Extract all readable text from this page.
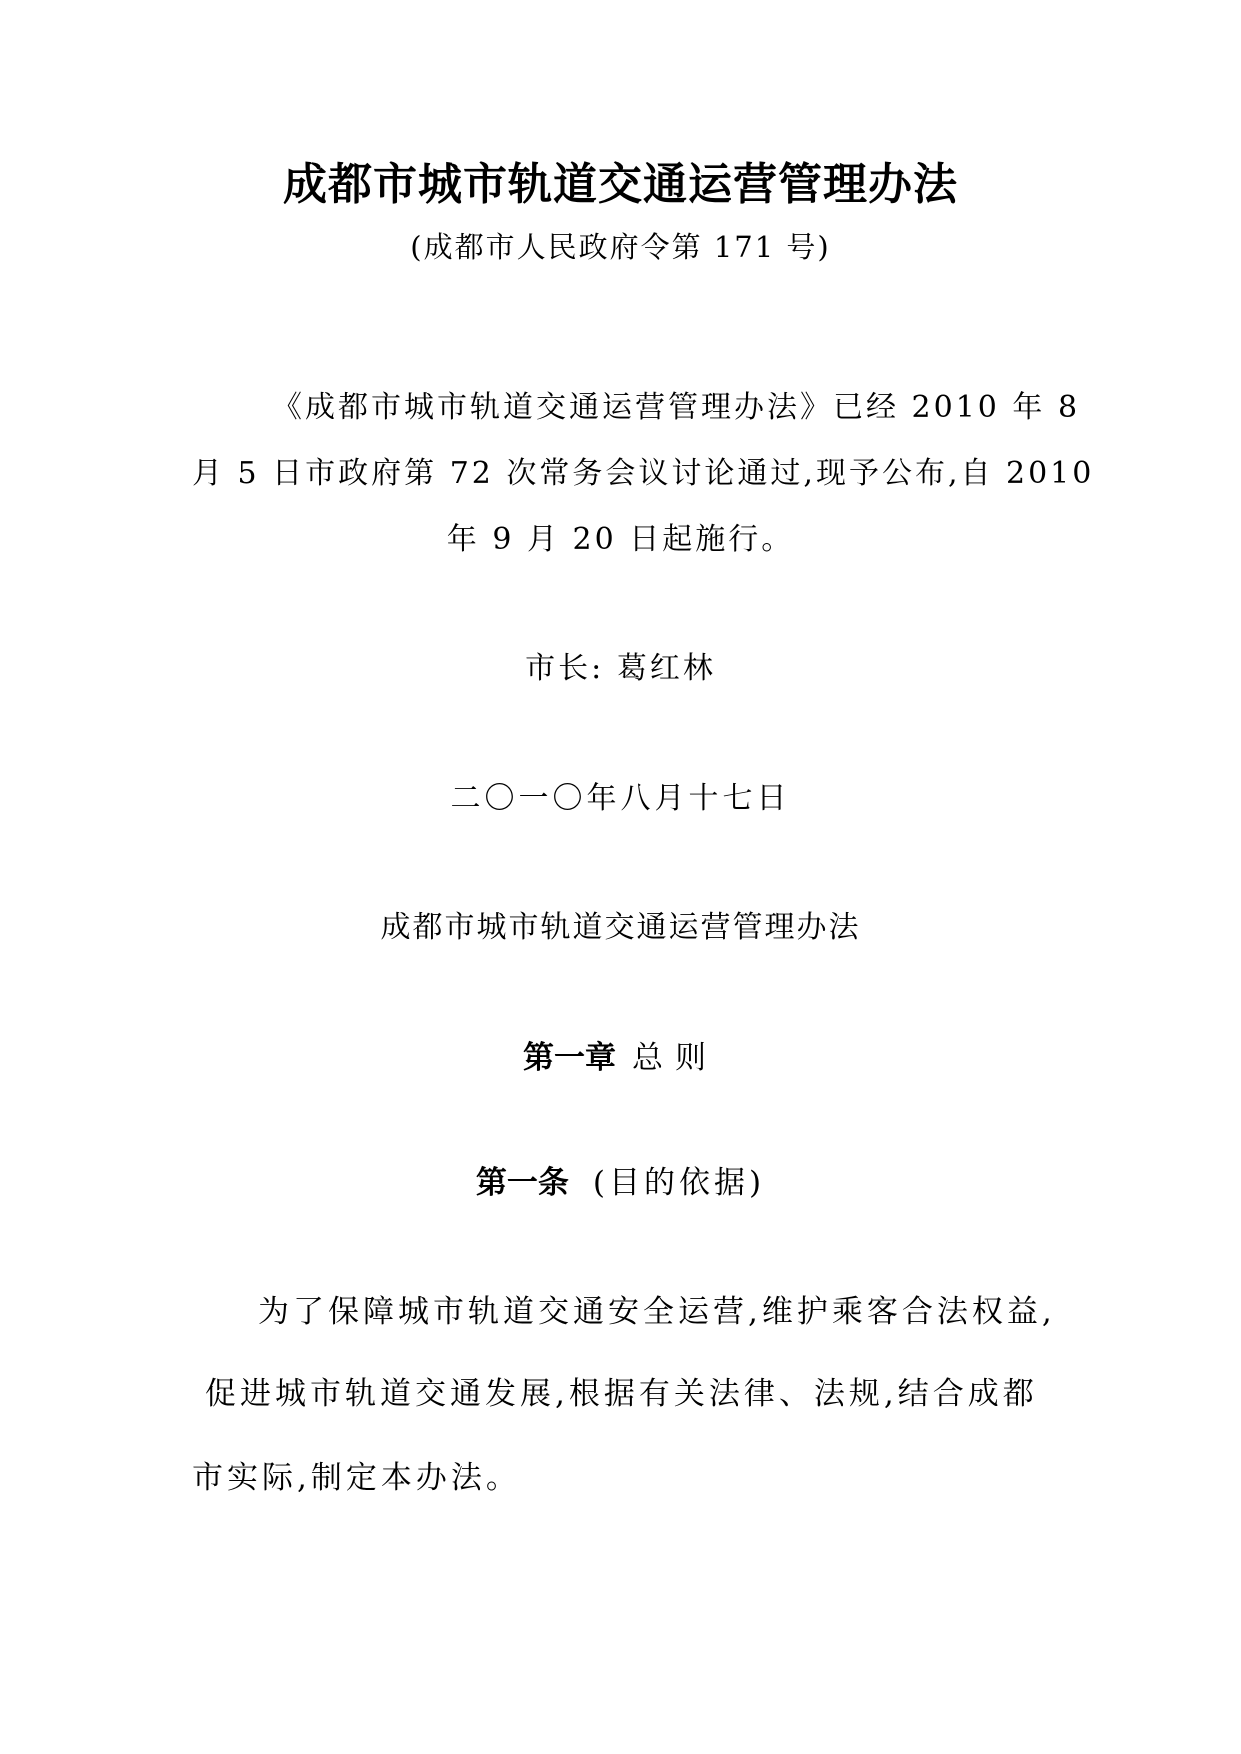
成都市城市轨道交通运营管理办法
(成都市人民政府令第 171 号)
《成都市城市轨道交通运营管理办法》已经 2010 年 8
月 5 日市政府第 72 次常务会议讨论通过,现予公布,自 2010
年 9 月 20 日起施行。
市长: 葛红林
二〇一〇年八月十七日
成都市城市轨道交通运营管理办法
第一章 总则
第一条 (目的依据)
为了保障城市轨道交通安全运营,维护乘客合法权益,
促进城市轨道交通发展,根据有关法律、法规,结合成都
市实际,制定本办法。
